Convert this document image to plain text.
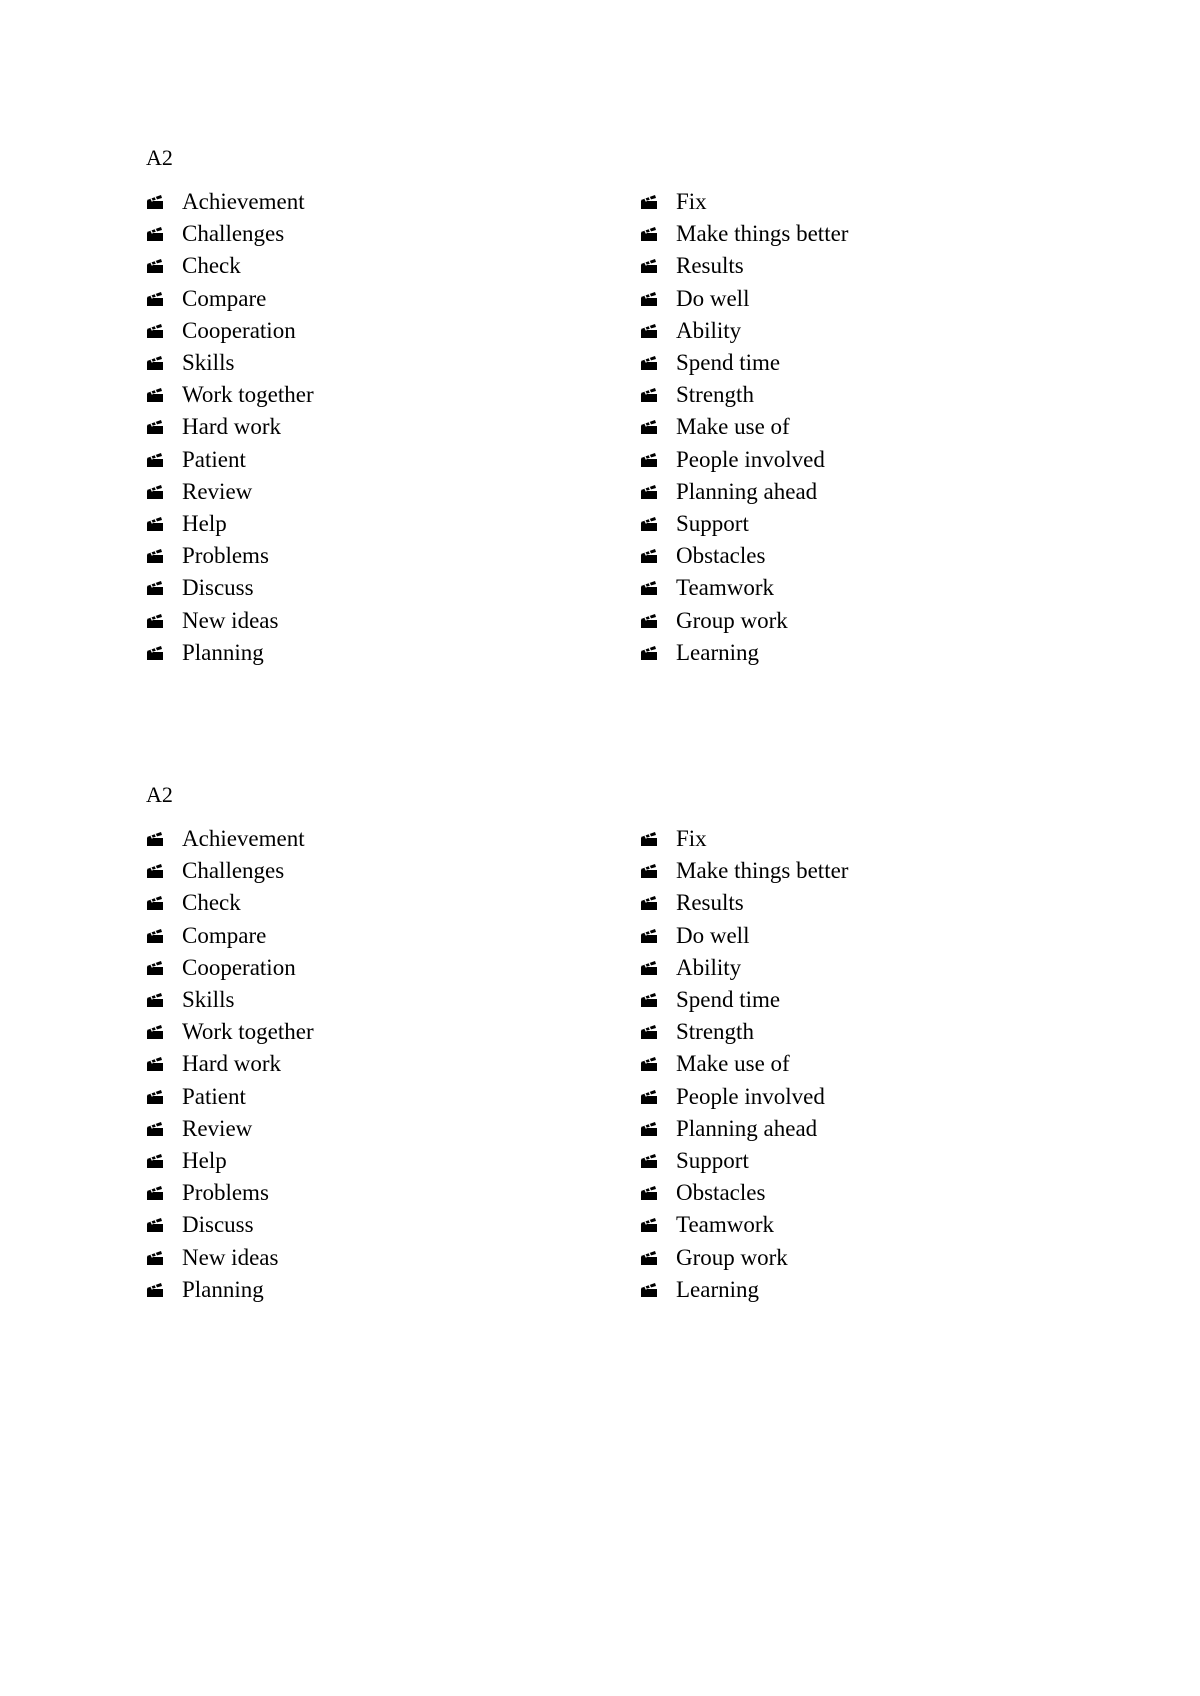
A2

Achievement
Challenges
Check
Compare
Cooperation
Skills
Work together
Hard work
Patient
Review
Help
Problems
Discuss
New ideas
Planning
Fix
Make things better
Results
Do well
Ability
Spend time
Strength
Make use of
People involved
Planning ahead
Support
Obstacles
Teamwork
Group work
Learning

A2

Achievement
Challenges
Check
Compare
Cooperation
Skills
Work together
Hard work
Patient
Review
Help
Problems
Discuss
New ideas
Planning
Fix
Make things better
Results
Do well
Ability
Spend time
Strength
Make use of
People involved
Planning ahead
Support
Obstacles
Teamwork
Group work
Learning
